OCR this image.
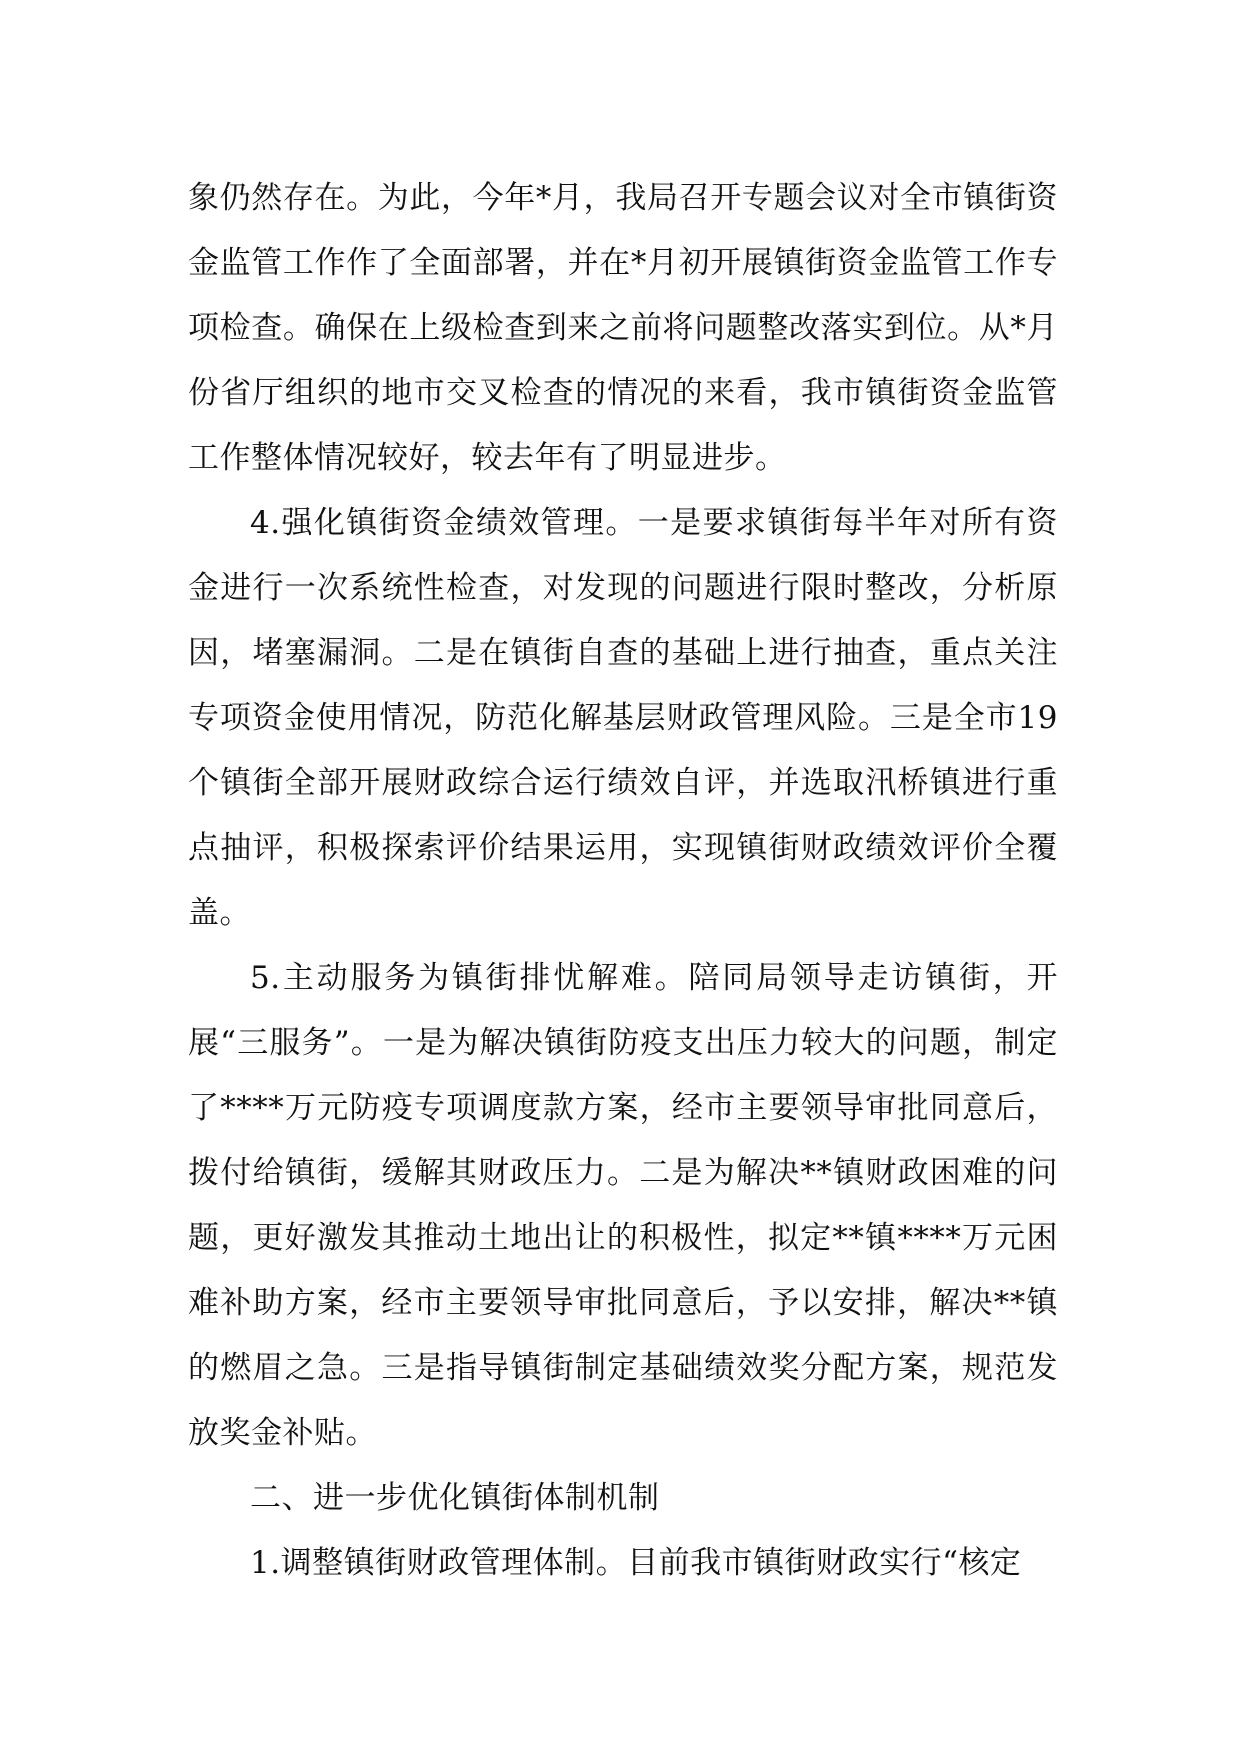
象仍然存在。为此，今年*月，我局召开专题会议对全市镇街资金监管工作作了全面部署，并在*月初开展镇街资金监管工作专项检查。确保在上级检查到来之前将问题整改落实到位。从*月份省厅组织的地市交叉检查的情况的来看，我市镇街资金监管工作整体情况较好，较去年有了明显进步。

4.强化镇街资金绩效管理。一是要求镇街每半年对所有资金进行一次系统性检查，对发现的问题进行限时整改，分析原因，堵塞漏洞。二是在镇街自查的基础上进行抽查，重点关注专项资金使用情况，防范化解基层财政管理风险。三是全市19个镇街全部开展财政综合运行绩效自评，并选取汛桥镇进行重点抽评，积极探索评价结果运用，实现镇街财政绩效评价全覆盖。

5.主动服务为镇街排忧解难。陪同局领导走访镇街，开展“三服务”。一是为解决镇街防疫支出压力较大的问题，制定了****万元防疫专项调度款方案，经市主要领导审批同意后，拨付给镇街，缓解其财政压力。二是为解决**镇财政困难的问题，更好激发其推动土地出让的积极性，拟定**镇****万元困难补助方案，经市主要领导审批同意后，予以安排，解决**镇的燃眉之急。三是指导镇街制定基础绩效奖分配方案，规范发放奖金补贴。

二、进一步优化镇街体制机制

1.调整镇街财政管理体制。目前我市镇街财政实行“核定
